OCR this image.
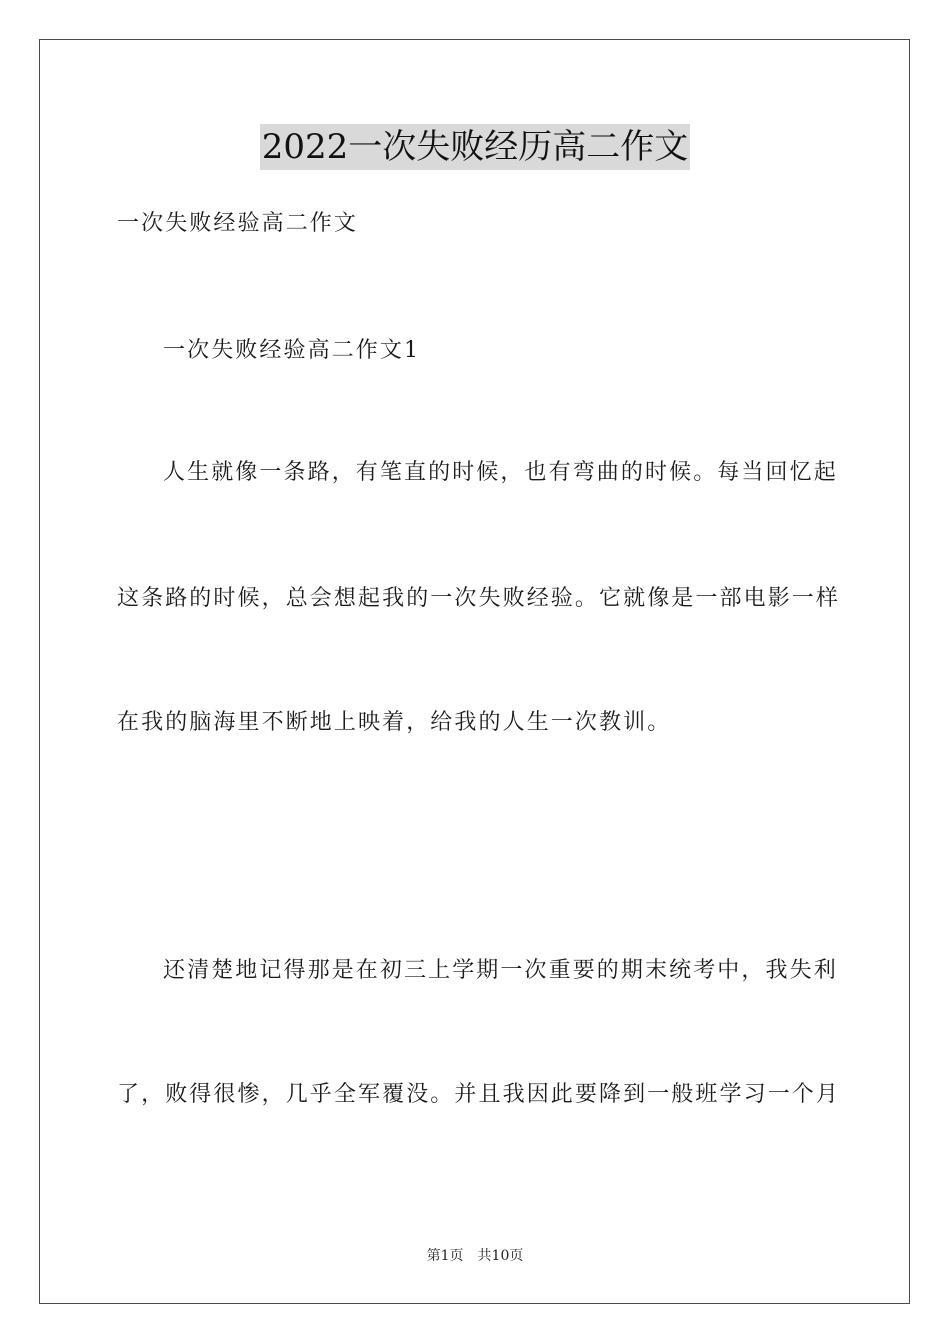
2022一次失败经历高二作文
一次失败经验高二作文
一次失败经验高二作文1
人生就像一条路，有笔直的时候，也有弯曲的时候。每当回忆起
这条路的时候，总会想起我的一次失败经验。它就像是一部电影一样
在我的脑海里不断地上映着，给我的人生一次教训。
还清楚地记得那是在初三上学期一次重要的期末统考中，我失利
了，败得很惨，几乎全军覆没。并且我因此要降到一般班学习一个月
第1页　共10页
